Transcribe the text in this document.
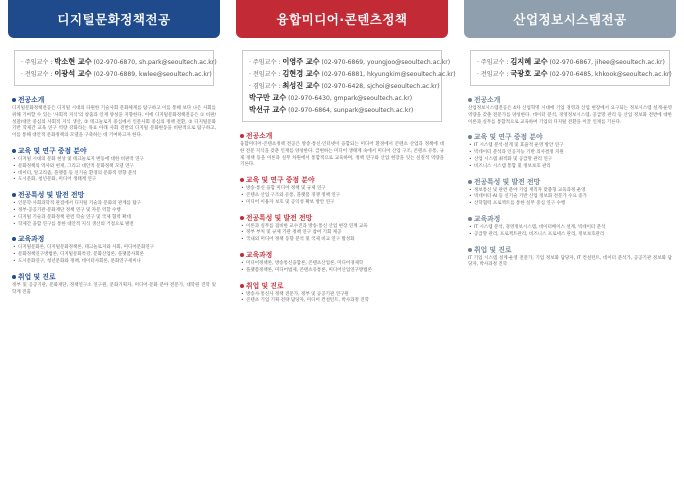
디지털문화정책전공
· 주임교수 : 박소현 교수 (02-970-6870, sh.park@seoultech.ac.kr)
· 전임교수 : 이광석 교수 (02-970-6889, kwlee@seoultech.ac.kr)
전공소개
디지털문화정책전공은 디지털 시대의 다원한 기술사회 문화체계를 탐구하고 이를 통해 보다 나은 사회를 위해 기여할 수 있는 '사회적 지식'의 창출과 인재 양성을 지향한다. 이에 디지털문화정책전공은 ① 비판/성찰/대안 중심의 사회적 지식 생산, ② 테크놀로지 중심에서 인문사회 중심의 정책 전환, ③ 디지털문화 기반 학제간 교육 연구 역량 강화라는 목표 아래 사회 전반의 디지털 문화변동을 비판적으로 탐구하고, 이를 통해 대안적 문화정책의 모델을 구축하는 데 기여하고자 한다.
교육 및 연구 중점 분야
• 디지털 시대의 문화 현상 및 테크놀로지 변동에 대한 비판적 연구
• 문화정책의 역사와 현재, 그리고 대안적 문화정책 모델 연구
• 데이터, 알고리즘, 플랫폼 등 신기술 환경의 문화적 영향 분석
• 도시문화, 청년문화, 미디어 생태계 연구
전공특성 및 발전 전망
• 인문학·사회과학적 관점에서 디지털 기술과 문화의 관계를 탐구
• 정부·공공기관·문화재단 정책 연구 및 자문 역할 수행
• 디지털 기술과 문화정책 관련 학술 연구 및 국제 협력 확대
• 학제간 융합 연구를 통한 대안적 지식 생산의 거점으로 발전
교육과정
• 디지털문화론, 디지털문화정책론, 테크놀로지와 사회, 미디어문화연구
• 문화정책연구방법론, 디지털문화특강, 문화산업론, 플랫폼사회론
• 도시문화연구, 청년문화와 정책, 데이터사회론, 문화연구세미나
취업 및 진로
정부 및 공공기관, 문화재단, 정책연구소 연구원, 문화기획자, 미디어·문화 분야 전문가, 대학원 진학 및 학계 진출
융합미디어·콘텐츠정책
· 주임교수 : 이영주 교수 (02-970-6869, youngjoo@seoultech.ac.kr)
· 전임교수 : 김현경 교수 (02-970-6881, hkyungkim@seoultech.ac.kr)
· 겸임교수 : 최성진 교수 (02-970-6428, sjchoi@seoultech.ac.kr)
박구만 교수 (02-970-6430, gmpark@seoultech.ac.kr)
박선규 교수 (02-970-6864, sunpark@seoultech.ac.kr)
전공소개
융합미디어·콘텐츠정책 전공은 방송·통신·인터넷이 융합되는 미디어 환경에서 콘텐츠 산업과 정책에 대한 전문 지식을 갖춘 인재를 양성한다. 급변하는 미디어 생태계 속에서 미디어 산업 구조, 콘텐츠 유통, 규제 정책 등을 이론과 실무 차원에서 통합적으로 교육하며, 정책 연구와 산업 현장을 잇는 실질적 역량을 기른다.
교육 및 연구 중점 분야
• 방송·통신 융합 미디어 정책 및 규제 연구
• 콘텐츠 산업 구조와 유통, 플랫폼 경쟁 정책 연구
• 미디어 이용자 보호 및 공익성 확보 방안 연구
전공특성 및 발전 전망
• 이론과 실무를 겸비한 교수진과 방송·통신 산업 현장 연계 교육
• 정부 부처 및 규제 기관 정책 연구 참여 기회 제공
• 국내외 미디어 정책 동향 분석 및 국제 비교 연구 활성화
교육과정
• 미디어정책론, 방송통신융합론, 콘텐츠산업론, 미디어경제학
• 플랫폼정책론, 미디어법제, 콘텐츠유통론, 미디어산업연구방법론
취업 및 진로
• 방송사·통신사 정책 전문가, 정부 및 공공기관 연구원
• 콘텐츠 기업 기획·전략 담당자, 미디어 컨설턴트, 박사과정 진학
산업정보시스템전공
· 주임교수 : 김지혜 교수 (02-970-6867, jihee@seoultech.ac.kr)
· 전임교수 : 국광호 교수 (02-970-6485, khkook@seoultech.ac.kr)
전공소개
산업정보시스템전공은 4차 산업혁명 시대에 기업 경영과 산업 현장에서 요구되는 정보시스템 설계·운영 역량을 갖춘 전문가를 양성한다. 데이터 분석, 경영정보시스템, 공급망 관리 등 산업 정보화 전반에 대한 이론과 실무를 통합적으로 교육하여 기업의 디지털 전환을 이끌 인재를 기른다.
교육 및 연구 중점 분야
• IT 시스템 분석·설계 및 효율적 운영 방안 연구
• 빅데이터 분석과 인공지능 기반 의사결정 지원
• 산업 시스템 최적화 및 공급망 관리 연구
• 비즈니스 시스템 통합 및 정보보호 관리
전공특성 및 발전 전망
• 정보통신 및 관련 분야 기업 재직자 맞춤형 교육과정 운영
• 빅데이터·AI 등 신기술 기반 산업 정보화 전문가 수요 증가
• 산학협력 프로젝트를 통한 실무 중심 연구 수행
교육과정
• IT 시스템 분석, 경영정보시스템, 데이터베이스 설계, 빅데이터 분석
• 공급망 관리, 프로젝트관리, 비즈니스 프로세스 관리, 정보보호관리
취업 및 진로
IT 기업 시스템 설계·운영 전문가, 기업 정보화 담당자, IT 컨설턴트, 데이터 분석가, 공공기관 정보화 담당자, 박사과정 진학
